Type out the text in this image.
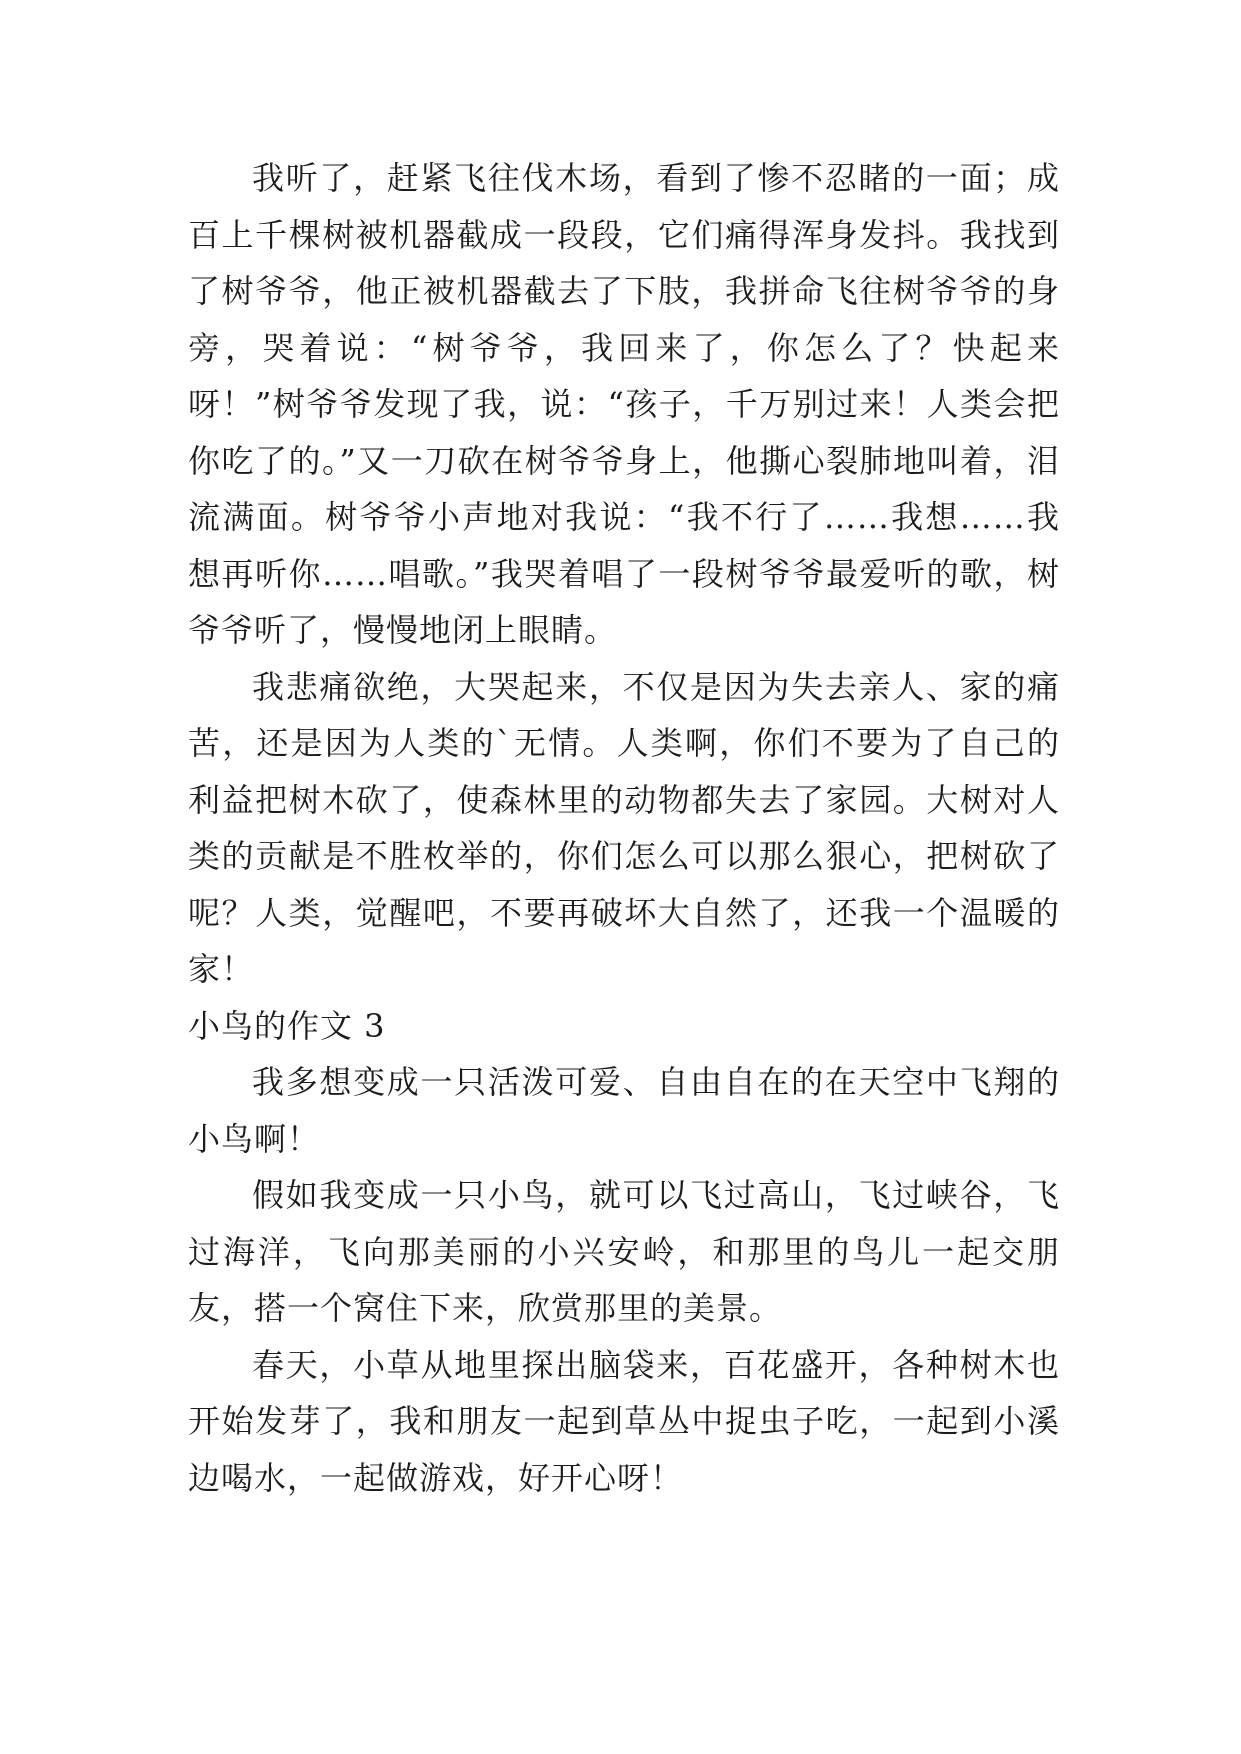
我听了，赶紧飞往伐木场，看到了惨不忍睹的一面；成百上千棵树被机器截成一段段，它们痛得浑身发抖。我找到了树爷爷，他正被机器截去了下肢，我拼命飞往树爷爷的身旁，哭着说：“树爷爷，我回来了，你怎么了？快起来呀！”树爷爷发现了我，说：“孩子，千万别过来！人类会把你吃了的。”又一刀砍在树爷爷身上，他撕心裂肺地叫着，泪流满面。树爷爷小声地对我说：“我不行了……我想……我想再听你……唱歌。”我哭着唱了一段树爷爷最爱听的歌，树爷爷听了，慢慢地闭上眼睛。

我悲痛欲绝，大哭起来，不仅是因为失去亲人、家的痛苦，还是因为人类的`无情。人类啊，你们不要为了自己的利益把树木砍了，使森林里的动物都失去了家园。大树对人类的贡献是不胜枚举的，你们怎么可以那么狠心，把树砍了呢？人类，觉醒吧，不要再破坏大自然了，还我一个温暖的家！

小鸟的作文 3

我多想变成一只活泼可爱、自由自在的在天空中飞翔的小鸟啊！

假如我变成一只小鸟，就可以飞过高山，飞过峡谷，飞过海洋，飞向那美丽的小兴安岭，和那里的鸟儿一起交朋友，搭一个窝住下来，欣赏那里的美景。

春天，小草从地里探出脑袋来，百花盛开，各种树木也开始发芽了，我和朋友一起到草丛中捉虫子吃，一起到小溪边喝水，一起做游戏，好开心呀！
